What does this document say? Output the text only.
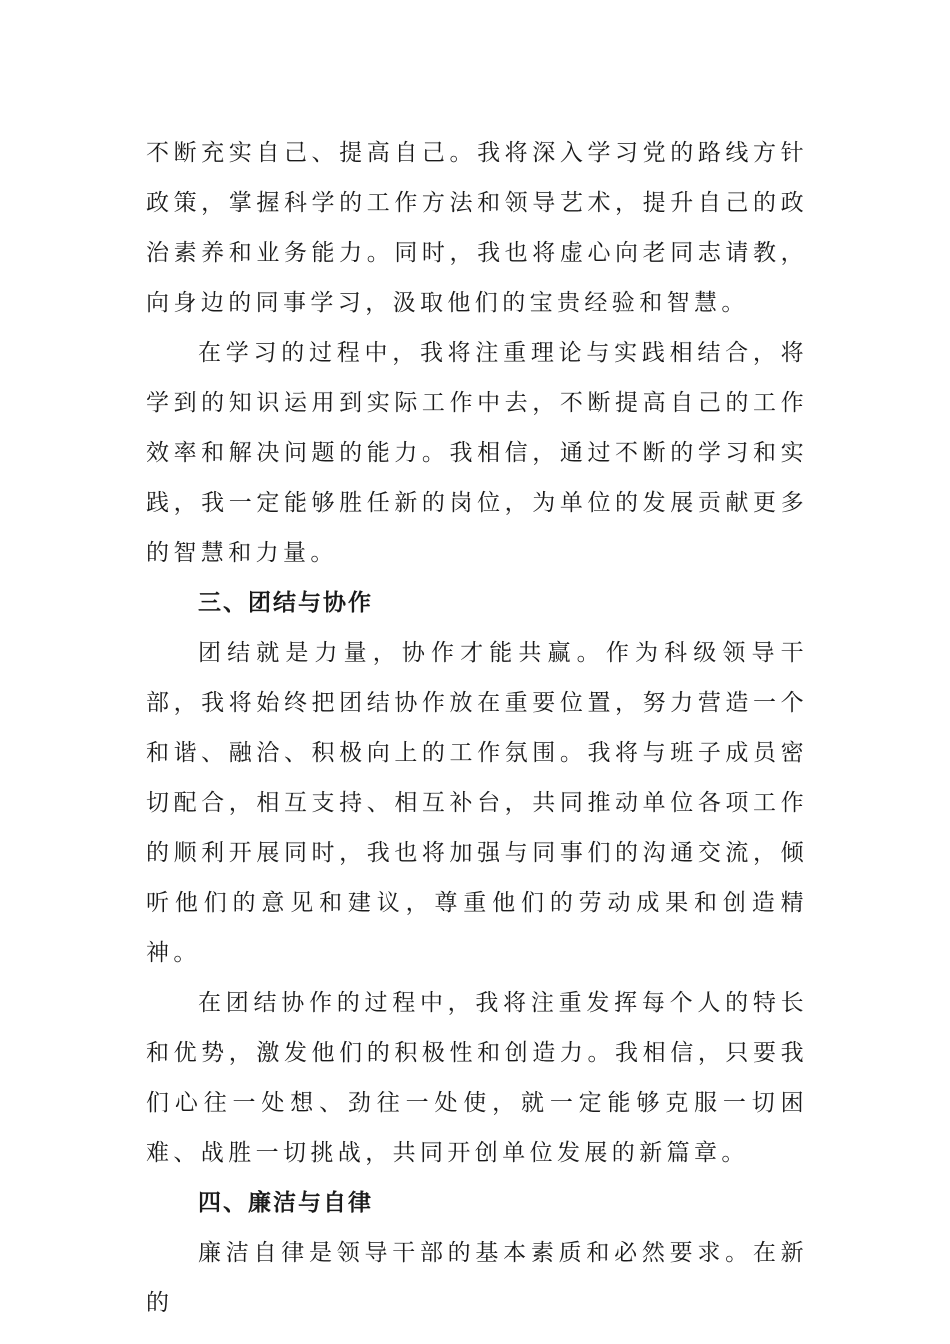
不断充实自己、提高自己。我将深入学习党的路线方针政策，掌握科学的工作方法和领导艺术，提升自己的政治素养和业务能力。同时，我也将虚心向老同志请教，向身边的同事学习，汲取他们的宝贵经验和智慧。

在学习的过程中，我将注重理论与实践相结合，将学到的知识运用到实际工作中去，不断提高自己的工作效率和解决问题的能力。我相信，通过不断的学习和实践，我一定能够胜任新的岗位，为单位的发展贡献更多的智慧和力量。

三、团结与协作

团结就是力量，协作才能共赢。作为科级领导干部，我将始终把团结协作放在重要位置，努力营造一个和谐、融洽、积极向上的工作氛围。我将与班子成员密切配合，相互支持、相互补台，共同推动单位各项工作的顺利开展同时，我也将加强与同事们的沟通交流，倾听他们的意见和建议，尊重他们的劳动成果和创造精神。

在团结协作的过程中，我将注重发挥每个人的特长和优势，激发他们的积极性和创造力。我相信，只要我们心往一处想、劲往一处使，就一定能够克服一切困难、战胜一切挑战，共同开创单位发展的新篇章。

四、廉洁与自律

廉洁自律是领导干部的基本素质和必然要求。在新的
